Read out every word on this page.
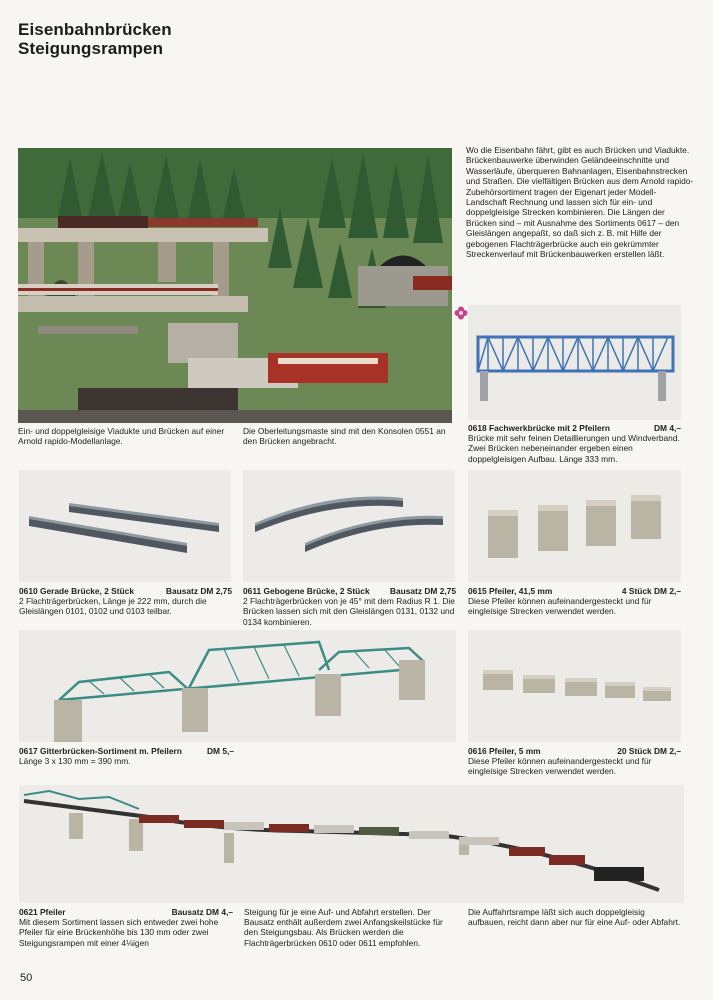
Eisenbahnbrücken
Steigungsrampen

Wo die Eisenbahn fährt, gibt es auch Brücken und Viadukte. Brückenbauwerke überwinden Geländeeinschnitte und Wasserläufe, überqueren Bahnanlagen, Eisenbahnstrecken und Straßen. Die vielfältigen Brücken aus dem Arnold rapido-Zubehörsortiment tragen der Eigenart jeder Modell-Landschaft Rechnung und lassen sich für ein- und doppelgleisige Strecken kombinieren. Die Längen der Brücken sind – mit Ausnahme des Sortiments 0617 – den Gleislängen angepaßt, so daß sich z. B. mit Hilfe der gebogenen Flachträgerbrücke auch ein gekrümmter Streckenverlauf mit Brückenbauwerken erstellen läßt.

Ein- und doppelgleisige Viadukte und Brücken auf einer Arnold rapido-Modellanlage.
Die Oberleitungsmaste sind mit den Konsolen 0551 an den Brücken angebracht.
0618 Fachwerkbrücke mit 2 Pfeilern	DM 4,–
Brücke mit sehr feinen Detaillierungen und Windverband. Zwei Brücken nebeneinander ergeben einen doppelgleisigen Aufbau. Länge 333 mm.
0610 Gerade Brücke, 2 Stück	Bausatz DM 2,75
2 Flachträgerbrücken, Länge je 222 mm, durch die Gleislängen 0101, 0102 und 0103 teilbar.
0611 Gebogene Brücke, 2 Stück Bausatz DM 2,75
2 Flachträgerbrücken von je 45° mit dem Radius R 1. Die Brücken lassen sich mit den Gleislängen 0131, 0132 und 0134 kombinieren.
0615 Pfeiler, 41,5 mm	4 Stück DM 2,–
Diese Pfeiler können aufeinandergesteckt und für eingleisige Strecken verwendet werden.
0617 Gitterbrücken-Sortiment m. Pfeilern	DM 5,–
Länge 3 x 130 mm = 390 mm.
0616 Pfeiler, 5 mm	20 Stück DM 2,–
Diese Pfeiler können aufeinandergesteckt und für eingleisige Strecken verwendet werden.
0621 Pfeiler	Bausatz DM 4,–
Mit diesem Sortiment lassen sich entweder zwei hohe Pfeiler für eine Brückenhöhe bis 130 mm oder zwei Steigungsrampen mit einer 4⅛igen
Steigung für je eine Auf- und Abfahrt erstellen. Der Bausatz enthält außerdem zwei Anfangskeilstücke für den Steigungsbau. Als Brücken werden die Flachträgerbrücken 0610 oder 0611 empfohlen.
Die Auffahrtsrampe läßt sich auch doppelgleisig aufbauen, reicht dann aber nur für eine Auf- oder Abfahrt.
50
